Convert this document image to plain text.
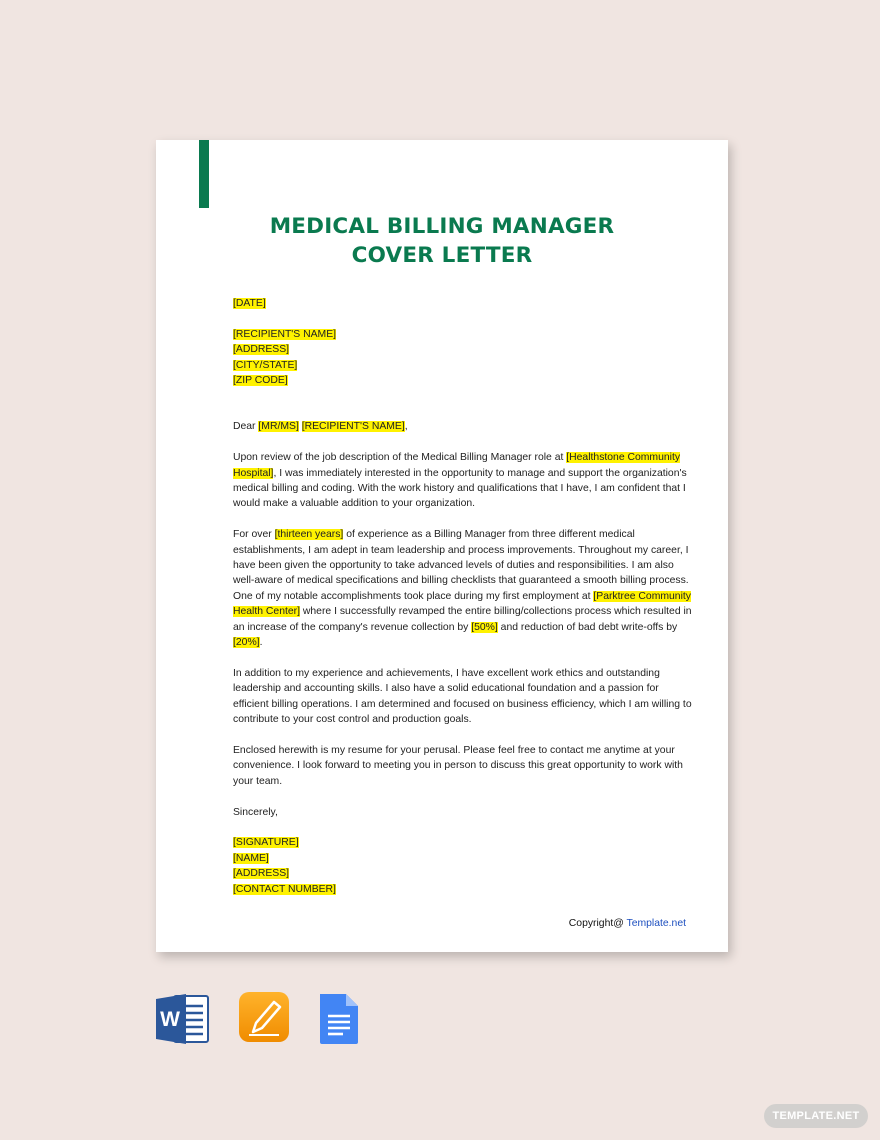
MEDICAL BILLING MANAGER
COVER LETTER

[DATE]

[RECIPIENT'S NAME]

[ADDRESS]

[CITY/STATE]

[ZIP CODE]

Dear [MR/MS] [RECIPIENT'S NAME],

Upon review of the job description of the Medical Billing Manager role at [Healthstone Community Hospital], I was immediately interested in the opportunity to manage and support the organization's medical billing and coding. With the work history and qualifications that I have, I am confident that I would make a valuable addition to your organization.

For over [thirteen years] of experience as a Billing Manager from three different medical establishments, I am adept in team leadership and process improvements. Throughout my career, I have been given the opportunity to take advanced levels of duties and responsibilities. I am also well-aware of medical specifications and billing checklists that guaranteed a smooth billing process. One of my notable accomplishments took place during my first employment at [Parktree Community Health Center] where I successfully revamped the entire billing/collections process which resulted in an increase of the company's revenue collection by [50%] and reduction of bad debt write-offs by [20%].

In addition to my experience and achievements, I have excellent work ethics and outstanding leadership and accounting skills. I also have a solid educational foundation and a passion for efficient billing operations. I am determined and focused on business efficiency, which I am willing to contribute to your cost control and production goals.

Enclosed herewith is my resume for your perusal. Please feel free to contact me anytime at your convenience. I look forward to meeting you in person to discuss this great opportunity to work with your team.

Sincerely,

[SIGNATURE]

[NAME]

[ADDRESS]

[CONTACT NUMBER]

Copyright@ Template.net
W
TEMPLATE.NET
